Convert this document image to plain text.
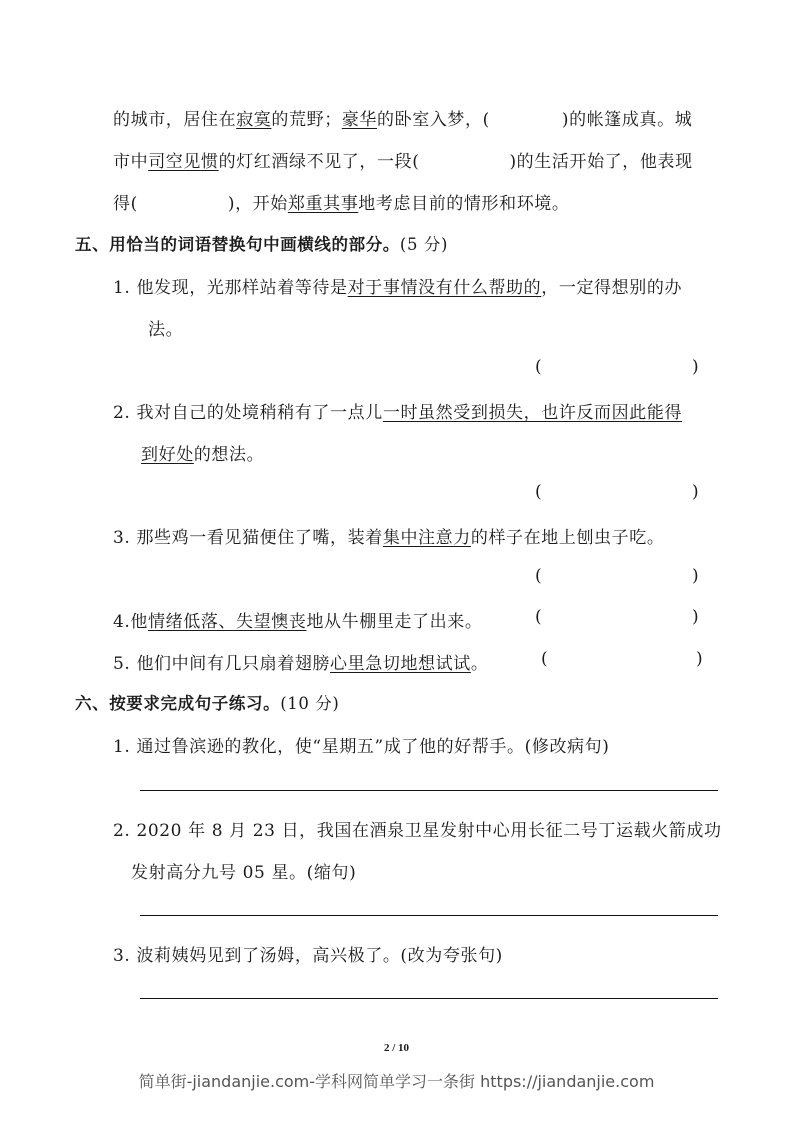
的城市，居住在寂寞的荒野；豪华的卧室入梦，(	)的帐篷成真。城
市中司空见惯的灯红酒绿不见了，一段(	)的生活开始了，他表现
得(	)，开始郑重其事地考虑目前的情形和环境。
五、用恰当的词语替换句中画横线的部分。(5 分)
1. 他发现，光那样站着等待是对于事情没有什么帮助的，一定得想别的办
法。
(	)
2. 我对自己的处境稍稍有了一点儿一时虽然受到损失，也许反而因此能得
到好处的想法。
(	)
3. 那些鸡一看见猫便住了嘴，装着集中注意力的样子在地上刨虫子吃。
(	)
4.他情绪低落、失望懊丧地从牛棚里走了出来。	(	)
5. 他们中间有几只扇着翅膀心里急切地想试试。	(	)
六、按要求完成句子练习。(10 分)
1. 通过鲁滨逊的教化，使“星期五”成了他的好帮手。(修改病句)
2. 2020 年 8 月 23 日，我国在酒泉卫星发射中心用长征二号丁运载火箭成功
发射高分九号 05 星。(缩句)
3. 波莉姨妈见到了汤姆，高兴极了。(改为夸张句)
2 / 10
简单街-jiandanjie.com-学科网简单学习一条街 https://jiandanjie.com
